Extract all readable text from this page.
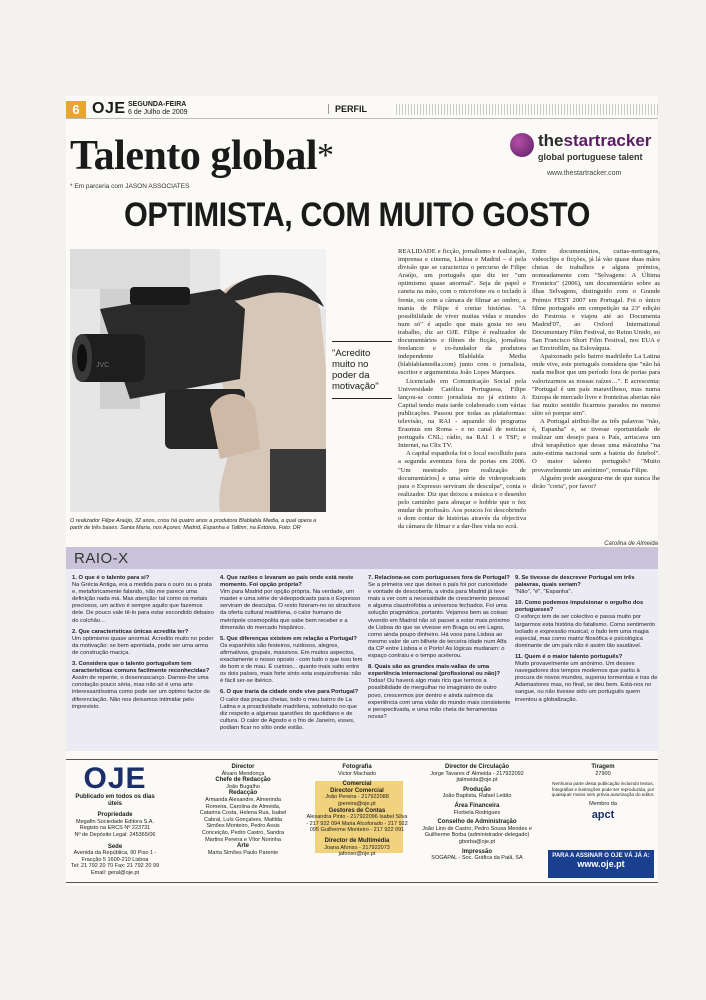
6 OJE SEGUNDA-FEIRA
6 de Julho de 2009	PERFIL
Talento global*
* Em parceria com JASON ASSOCIATES
thestartracker
global portuguese talent
www.thestartracker.com
OPTIMISTA, COM MUITO GOSTO
JVC
O realizador Filipe Araújo, 32 anos, criou há quatro anos a produtora Blablabla Media, a qual opera a partir de três bases: Santa Maria, nos Açores; Madrid, Espanha e Tallinn, na Estónia. Foto: DR
"Acredito muito no poder da motivação"

REALIDADE e ficção, jornalismo e realização, imprensa e cinema, Lisboa e Madrid – é pela divisão que se caracteriza o percurso de Filipe Araújo, um português que diz ter "um optimismo quase anormal". Seja de papel e caneta na mão, com o microfone ou o teclado à frente, ou com a câmara de filmar ao ombro, a mania de Filipe é contar histórias. "A possibilidade de viver muitas vidas e mundos num só" é aquilo que mais gosta no seu trabalho, diz ao OJE. Filipe é realizador de documentários e filmes de ficção, jornalista freelancer e co-fundador da produtora independente Blablabla Media (blablablamedia.com) junto com o jornalista, escritor e argumentista João Lopes Marques.

Licenciado em Comunicação Social pela Universidade Católica Portuguesa, Filipe lançou-se como jornalista no já extinto A Capital tendo mais tarde colaborado com várias publicações. Passou por todas as plataformas: televisão, na RAI - aquando do programa Erasmus em Roma - e no canal de notícias português CNL; rádio, na RAI 1 e TSF; e Internet, na Clix TV.

A capital espanhola foi o local escolhido para a segunda aventura fora de portas em 2006. "Um mestrado jem realização de documentários] e uma série de videopodcasts para o Expresso serviram de desculpa", conta o realizador. Diz que deixou a música e o desenho pelo caminho para abraçar o hobbie que o fez mudar de profissão. Aos poucos foi descobrindo o dom contar de histórias através da objectiva da câmara de filmar e a dar-lhes vida no ecrã.

Entre documentários, curtas-metragens, videoclips e ficções, já lá vão quase duas mãos cheias de trabalhos e alguns prémios, nomeadamente com "Selvagens: A Última Fronteira" (2006), um documentário sobre as ilhas Selvagens, distinguido com o Grande Prémio FEST 2007 em Portugal. Foi o único filme português em competição na 23ª edição do Festroia e viajou até ao Documenta Madrid'07, ao Oxford International Documentary Film Festival, no Reino Unido, ao San Francisco Short Film Festival, nos EUA e ao Envirofilm, na Eslováquia.

Apaixonado pelo bairro madrileño La Latina onde vive, este português considera que "não há nada melhor que um período fora de portas para valorizarmos as nossas raízes…". E acrescenta: "Portugal é um país maravilhoso, mas numa Europa de mercado livre e fronteiras abertas não faz muito sentido ficarmos parados no mesmo sítio só porque sim".

A Portugal atribui-lhe as três palavras "não, é, Espanha" e, se tivesse oportunidade de realizar um desejo para o País, arriscava um divã terapêutico que desse uma mãozinha "na auto-estima nacional sem a batota do futebol". O maior talento português? "Muito provavelmente um anónimo", remata Filipe.

Alguém pode assegurar-me de que nunca lhe dirão "corta", por favor?

Carolina de Almeida
RAIO-X
1. O que é o talento para si?
Na Grécia Antiga, era a medida para o ouro ou a prata e, metaforicamente falando, não me parece uma definição nada má. Mas atenção: tal como os metais preciosos, um activo é sempre aquilo que fazemos dele. De pouco vale tê-lo para estar escondido debaixo do colchão...
2. Que características únicas acredita ter?
Um optimismo quase anormal. Acredito muito no poder da motivação: se bem apontada, pode ser uma arma de construção maciça.
3. Considera que o talento portuguêsm tem características comuns facilmente reconhecidas?
Assim de repente, o desenrascanço. Damos-lhe uma conotação pouco séria, mas não só é uma arte interessantíssima como pode ser um óptimo factor de diferenciação. Não nos deixamos intimidar pelo imprevisto.
4. Que razões o levaram ao país onde está neste momento. Foi opção própria?
Vim para Madrid por opção própria. Na verdade, um master e uma série de videopodcasts para o Expresso serviram de desculpa. O resto fizeram-no os atractivos da oferta cultural madrilena, o calor humano de metrópole cosmopolita que sabe bem receber e a dimensão do mercado hispânico.
5. Que diferenças existem em relação a Portugal?
Os espanhóis são festeiros, ruidosos, alegres, afirmativos, grupais, massivos. Em muitos aspectos, exactamente o nosso oposto - com tudo o que isso tem de bom e de mau. É curioso... quanto mais salto entre os dois países, mais forte sinto esta esquizofrenia: não é fácil ser-se ibérico.
6. O que traria da cidade onde vive para Portugal?
O calor das praças cheias, todo o meu bairro de La Latina e a proactividade madrilena, sobretudo no que diz respeito a algumas questões do quotidiano e de cultura. O calor de Agosto e o frio de Janeiro, esses, podiam ficar no sítio onde estão.
7. Relaciona-se com portugueses fora de Portugal?
Se a primeira vez que deixei o país foi por curiosidade e vontade de descoberta, a vinda para Madrid já teve mais a ver com a necessidade de crescimento pessoal e alguma claustrofobia a universos fechados. Foi uma solução pragmática, portanto. Vejamos bem as coisas: vivendo em Madrid não só passei a estar mais próximo de Lisboa do que se vivesse em Braga ou em Lagos, como ainda poupo dinheiro. Há voos para Lisboa ao mesmo valor de um bilhete de terceira idade num Alfa da CP entre Lisboa e o Porto! As lógicas mudaram: o espaço contraiu e o tempo acelerou.
8. Quais são as grandes mais-valias de uma experiência internacional (profissional ou não)?
Todas! Ou haverá algo mais rico que termos a possibilidade de mergulhar no imaginário de outro povo, crescermos por dentro e ainda saírmos da experiência com uma visão do mundo mais consistente e perspectivada, e uma mão cheia de ferramentas novas?
9. Se tivesse de descrever Portugal em três palavras, quais seriam?
"Não", "é", "Espanha".
10. Como podemos impulsionar o orgulho dos portugueses?
O esforço tem de ser colectivo e passa muito por largarmos esta história do fatalismo. Como sentimento isolado e expressão musical, o fado tem uma magia especial, mas como matriz filosófica e psicológica dominante de um país não é assim tão saudável.
11. Quem é o maior talento português?
Muito provavelmente um anónimo. Um desses navegadores dos tempos modernos que partiu à procura de novos mundos, superou tormentas e iras de Adamastores mas, no final, se deu bem. Está-nos no sangue, ou não tivesse sido um português quem inventou a globalização.
OJE
Publicado em todos os dias úteis
Propriedade
Megafin Sociedade Editora S.A.
Registo na ERCS Nº 223731
Nº de Depósito Legal: 245365/06
Sede
Avenida da República, 90 Piso 1 - Fracção 5 1600-210 Lisboa
Tel: 21 792 20 70 Fax: 21 792 20 99
Email: geral@oje.pt
Director
Álvaro Mendonça
Chefe de Redacção
João Bugalho
Redacção
Armanda Alexandre, Almerinda Romeira, Carolina de Almeida, Catarina Costa, Helena Rua, Isabel Cabral, Luís Gonçalves, Matilda Simões Monteiro, Pedro Assis Conceição, Pedro Castro, Sandra Martins Pereira e Vítor Norinha
Arte
Marta Simões Paulo Parente
Fotografia
Victor Machado
Comercial
Director Comercial
João Pereira - 217922088 jpereira@oje.pt
Gestores de Contas
Alexandra Pinto - 217922096 Isabel Silva - 217 922 094 Maria Alcoforado - 217 922 095 Guilherme Monteiro - 217 922 091
Director de Multimédia
Joana Afonso - 217922073 jafonso@oje.pt
Director de Circulação
Jorge Tavares d' Almeida - 217922092 jtalmeida@oje.pt
Produção
João Baptista, Rafael Leitão
Área Financeira
Florbela Rodrigues
Conselho de Administração
João Lino de Castro, Pedro Sousa Mendes e Guilherme Borba (administrador-delegado) gborba@oje.pt
Impressão
SOGAPAL - Soc. Gráfica da Paiã, SA
Tiragem
27900
Nenhuma parte desta publicação incluindo textos, fotografias e ilustrações pode ser reproduzida, por quaisquer meios sem prévia autorização do editor.
Membro da
apct
PARA A ASSINAR O OJE VÁ JÁ A:
www.oje.pt
